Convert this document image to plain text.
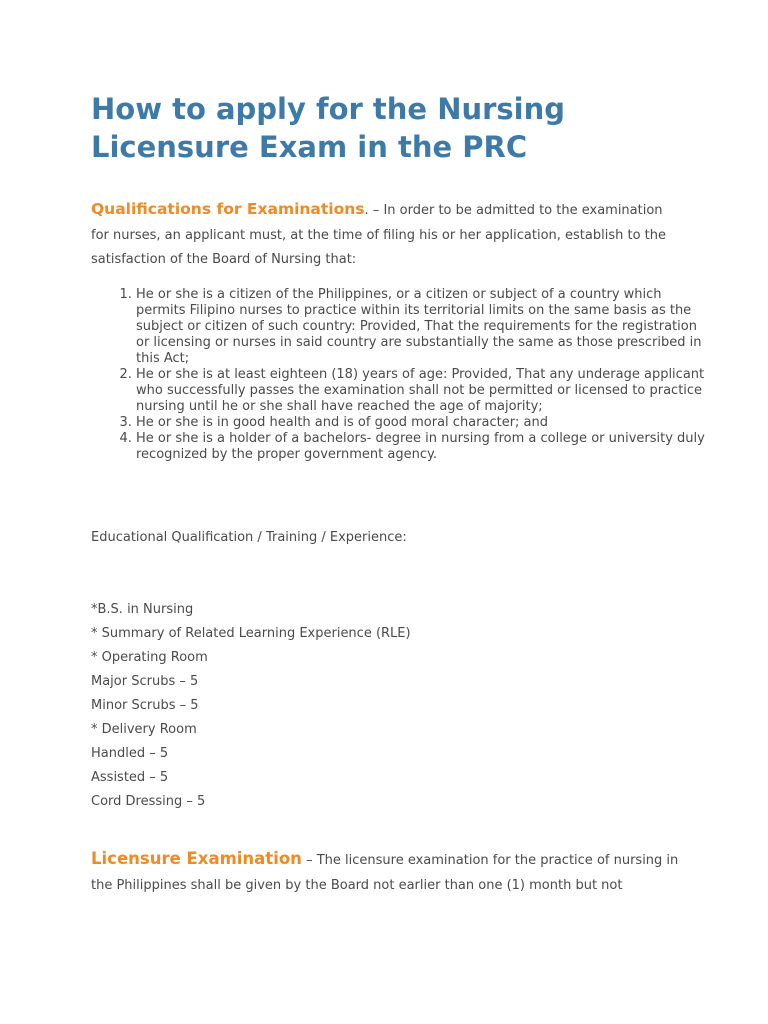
How to apply for the Nursing Licensure Exam in the PRC

Qualifications for Examinations. – In order to be admitted to the examination for nurses, an applicant must, at the time of filing his or her application, establish to the satisfaction of the Board of Nursing that:

1. He or she is a citizen of the Philippines, or a citizen or subject of a country which permits Filipino nurses to practice within its territorial limits on the same basis as the subject or citizen of such country: Provided, That the requirements for the registration or licensing or nurses in said country are substantially the same as those prescribed in this Act;
2. He or she is at least eighteen (18) years of age: Provided, That any underage applicant who successfully passes the examination shall not be permitted or licensed to practice nursing until he or she shall have reached the age of majority;
3. He or she is in good health and is of good moral character; and
4. He or she is a holder of a bachelors- degree in nursing from a college or university duly recognized by the proper government agency.

Educational Qualification / Training / Experience:

*B.S. in Nursing
* Summary of Related Learning Experience (RLE)
* Operating Room
Major Scrubs – 5
Minor Scrubs – 5
* Delivery Room
Handled – 5
Assisted – 5
Cord Dressing – 5

Licensure Examination – The licensure examination for the practice of nursing in the Philippines shall be given by the Board not earlier than one (1) month but not
